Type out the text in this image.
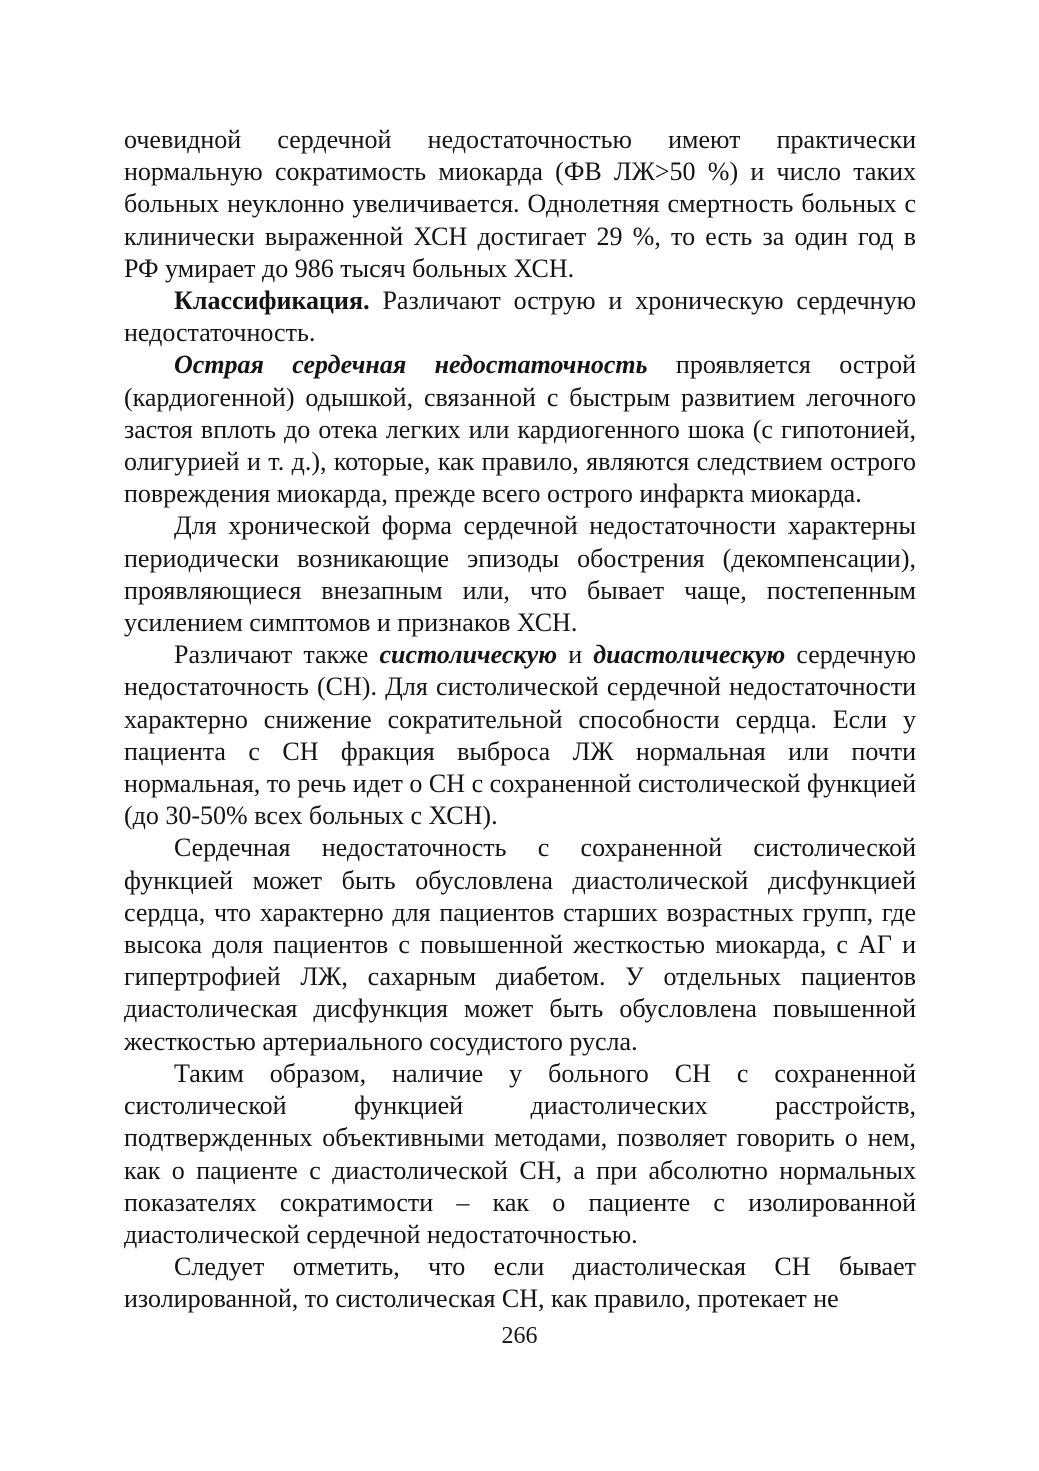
очевидной сердечной недостаточностью имеют практически нормальную сократимость миокарда (ФВ ЛЖ>50 %) и число таких больных неуклонно увеличивается. Однолетняя смертность больных с клинически выраженной ХСН достигает 29 %, то есть за один год в РФ умирает до 986 тысяч больных ХСН.

Классификация. Различают острую и хроническую сердечную недостаточность.

Острая сердечная недостаточность проявляется острой (кардиогенной) одышкой, связанной с быстрым развитием легочного застоя вплоть до отека легких или кардиогенного шока (с гипотонией, олигурией и т. д.), которые, как правило, являются следствием острого повреждения миокарда, прежде всего острого инфаркта миокарда.

Для хронической форма сердечной недостаточности характерны периодически возникающие эпизоды обострения (декомпенсации), проявляющиеся внезапным или, что бывает чаще, постепенным усилением симптомов и признаков ХСН.

Различают также систолическую и диастолическую сердечную недостаточность (СН). Для систолической сердечной недостаточности характерно снижение сократительной способности сердца. Если у пациента с СН фракция выброса ЛЖ нормальная или почти нормальная, то речь идет о СН с сохраненной систолической функцией (до 30-50% всех больных с ХСН).

Сердечная недостаточность с сохраненной систолической функцией может быть обусловлена диастолической дисфункцией сердца, что характерно для пациентов старших возрастных групп, где высока доля пациентов с повышенной жесткостью миокарда, с АГ и гипертрофией ЛЖ, сахарным диабетом. У отдельных пациентов диастолическая дисфункция может быть обусловлена повышенной жесткостью артериального сосудистого русла.

Таким образом, наличие у больного СН с сохраненной систолической функцией диастолических расстройств, подтвержденных объективными методами, позволяет говорить о нем, как о пациенте с диастолической СН, а при абсолютно нормальных показателях сократимости – как о пациенте с изолированной диастолической сердечной недостаточностью.

Следует отметить, что если диастолическая СН бывает изолированной, то систолическая СН, как правило, протекает не

266
